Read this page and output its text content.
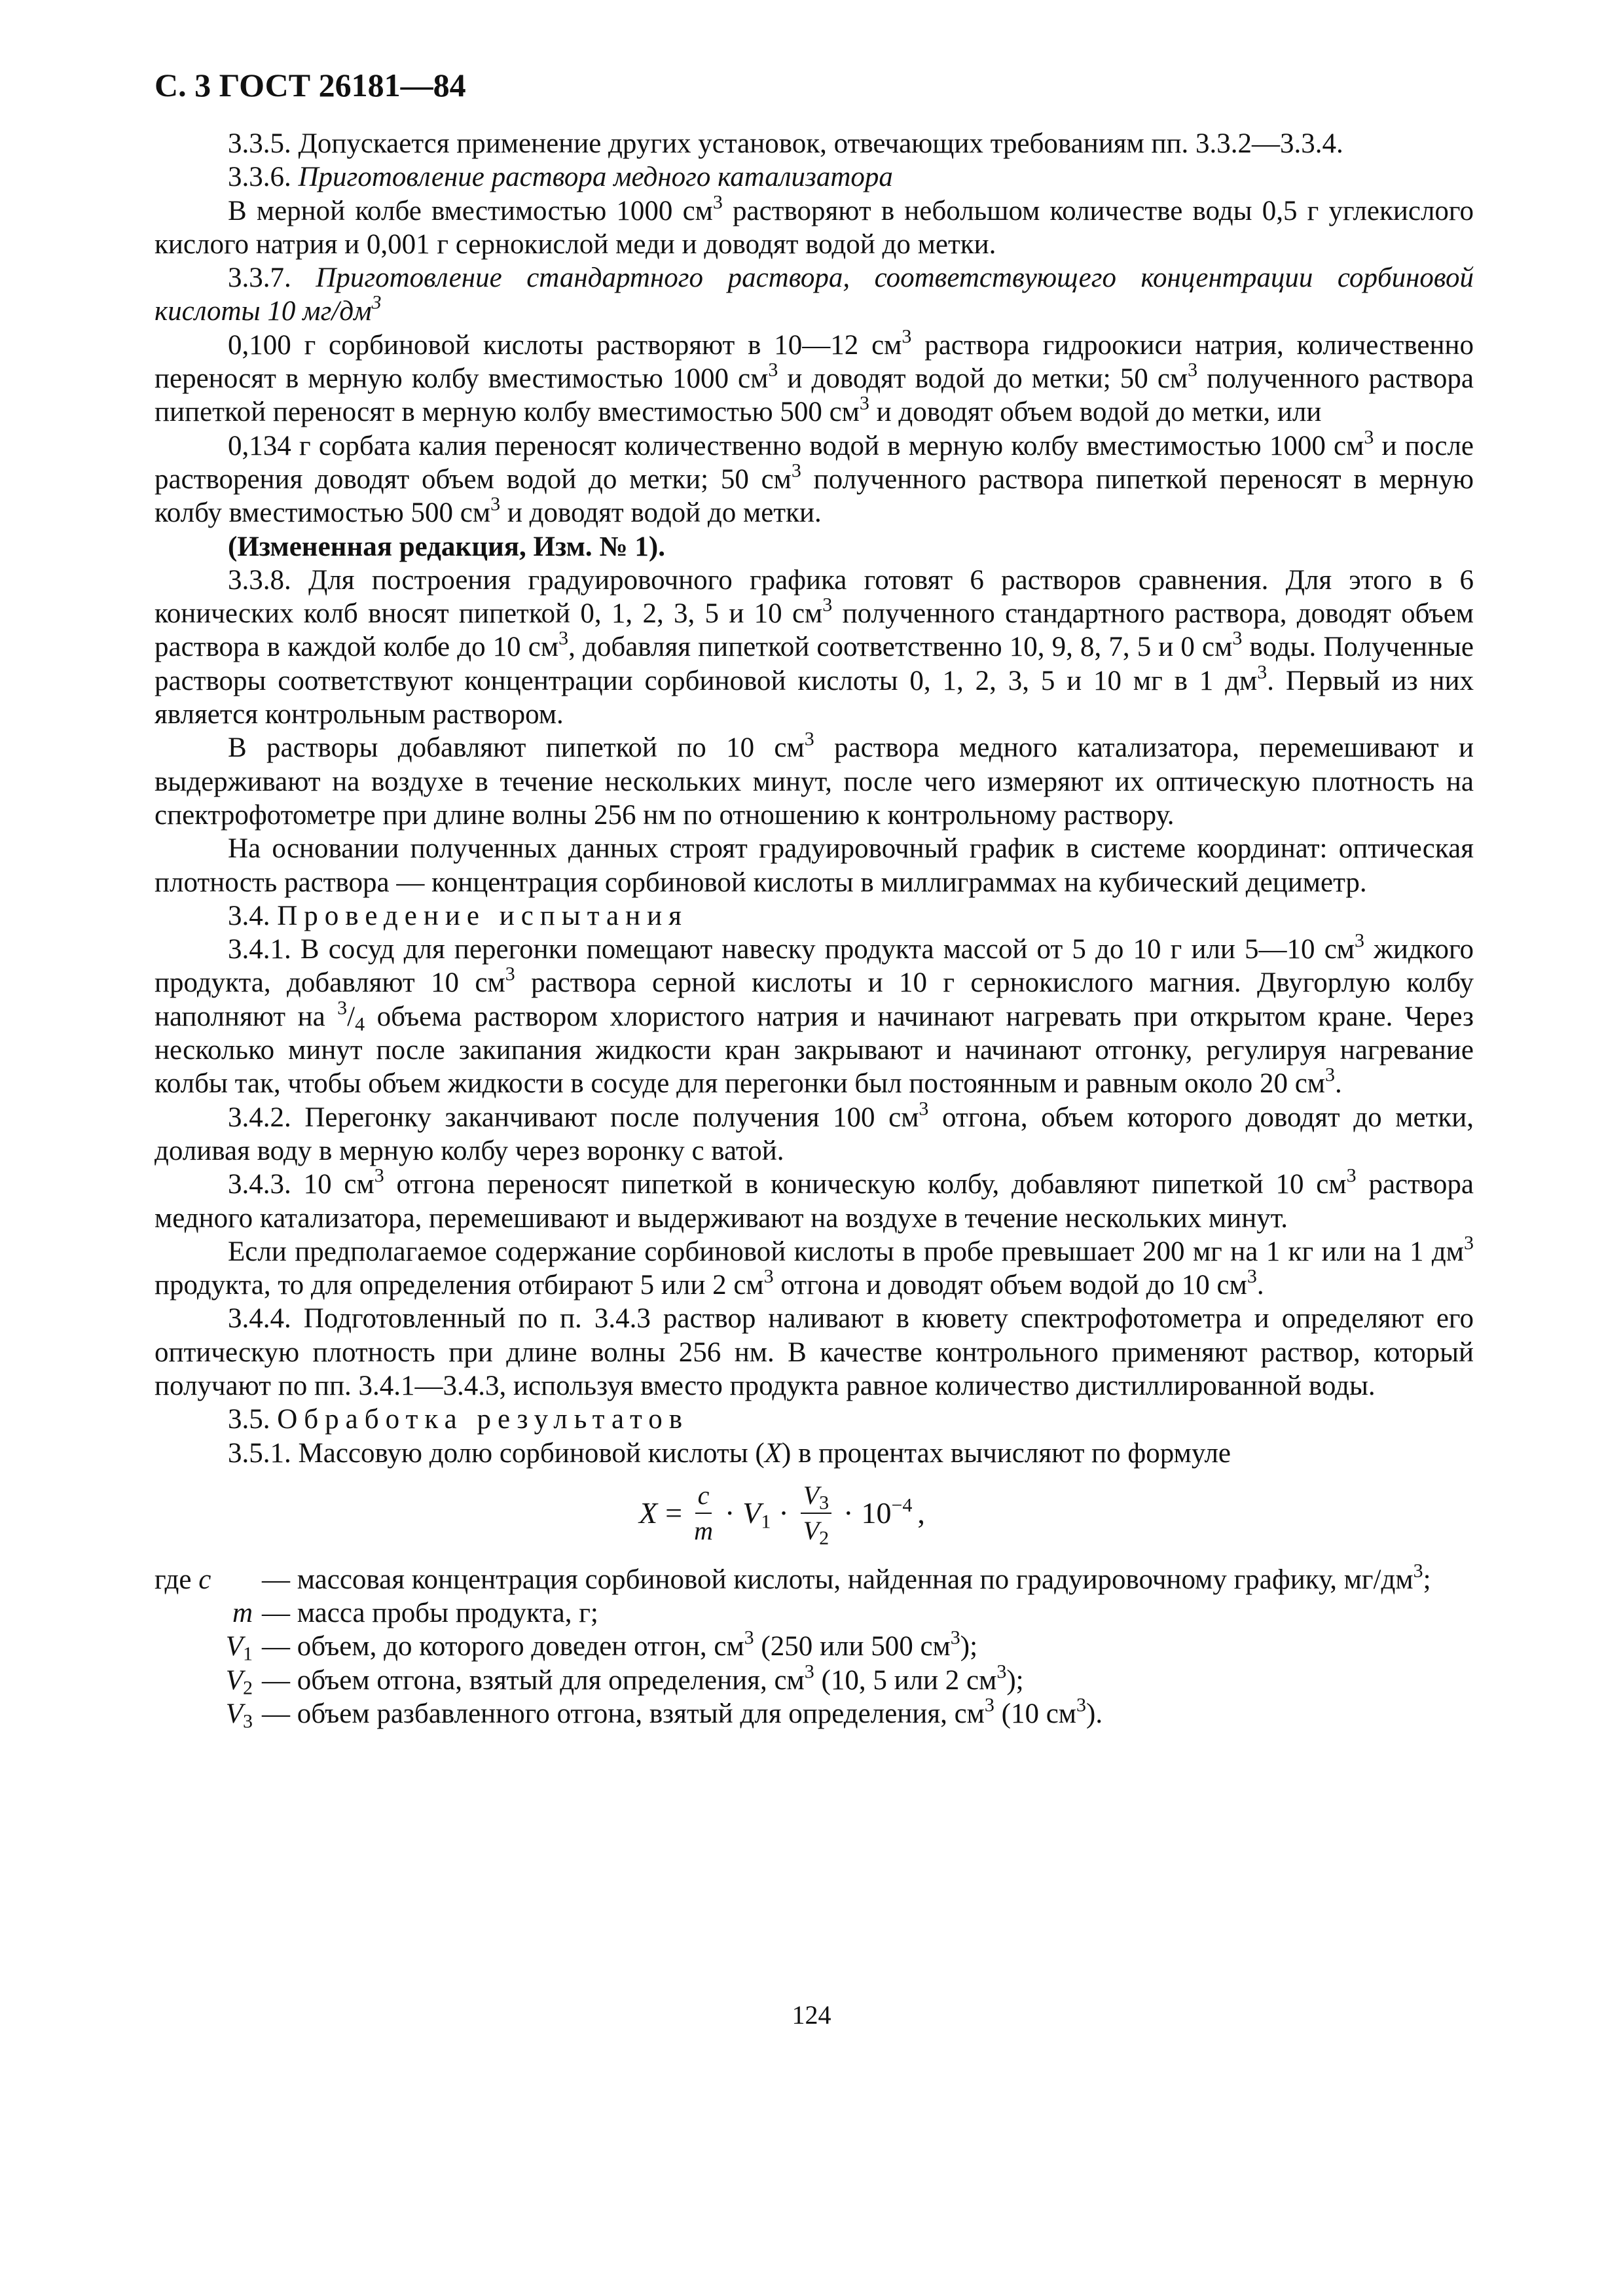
С. 3 ГОСТ 26181—84

3.3.5. Допускается применение других установок, отвечающих требованиям пп. 3.3.2—3.3.4.

3.3.6. Приготовление раствора медного катализатора

В мерной колбе вместимостью 1000 $см^3$ растворяют в небольшом количестве воды 0,5 г углекислого кислого натрия и 0,001 г сернокислой меди и доводят водой до метки.

3.3.7. Приготовление стандартного раствора, соответствующего концентрации сорбиновой кислоты 10 $мг/дм^3$

0,100 г сорбиновой кислоты растворяют в 10—12 $см^3$ раствора гидроокиси натрия, количественно переносят в мерную колбу вместимостью 1000 $см^3$ и доводят водой до метки; 50 $см^3$ полученного раствора пипеткой переносят в мерную колбу вместимостью 500 $см^3$ и доводят объем водой до метки, или

0,134 г сорбата калия переносят количественно водой в мерную колбу вместимостью 1000 $см^3$ и после растворения доводят объем водой до метки; 50 $см^3$ полученного раствора пипеткой переносят в мерную колбу вместимостью 500 $см^3$ и доводят водой до метки.

(Измененная редакция, Изм. № 1).

3.3.8. Для построения градуировочного графика готовят 6 растворов сравнения. Для этого в 6 конических колб вносят пипеткой 0, 1, 2, 3, 5 и 10 $см^3$ полученного стандартного раствора, доводят объем раствора в каждой колбе до 10 $см^3$, добавляя пипеткой соответственно 10, 9, 8, 7, 5 и 0 $см^3$ воды. Полученные растворы соответствуют концентрации сорбиновой кислоты 0, 1, 2, 3, 5 и 10 мг в 1 $дм^3$. Первый из них является контрольным раствором.

В растворы добавляют пипеткой по 10 $см^3$ раствора медного катализатора, перемешивают и выдерживают на воздухе в течение нескольких минут, после чего измеряют их оптическую плотность на спектрофотометре при длине волны 256 нм по отношению к контрольному раствору.

На основании полученных данных строят градуировочный график в системе координат: оптическая плотность раствора — концентрация сорбиновой кислоты в миллиграммах на кубический дециметр.

3.4. Проведение испытания

3.4.1. В сосуд для перегонки помещают навеску продукта массой от 5 до 10 г или 5—10 $см^3$ жидкого продукта, добавляют 10 $см^3$ раствора серной кислоты и 10 г сернокислого магния. Двугорлую колбу наполняют на $^3/_4$ объема раствором хлористого натрия и начинают нагревать при открытом кране. Через несколько минут после закипания жидкости кран закрывают и начинают отгонку, регулируя нагревание колбы так, чтобы объем жидкости в сосуде для перегонки был постоянным и равным около 20 $см^3$.

3.4.2. Перегонку заканчивают после получения 100 $см^3$ отгона, объем которого доводят до метки, доливая воду в мерную колбу через воронку с ватой.

3.4.3. 10 $см^3$ отгона переносят пипеткой в коническую колбу, добавляют пипеткой 10 $см^3$ раствора медного катализатора, перемешивают и выдерживают на воздухе в течение нескольких минут.

Если предполагаемое содержание сорбиновой кислоты в пробе превышает 200 мг на 1 кг или на 1 $дм^3$ продукта, то для определения отбирают 5 или 2 $см^3$ отгона и доводят объем водой до 10 $см^3$.

3.4.4. Подготовленный по п. 3.4.3 раствор наливают в кювету спектрофотометра и определяют его оптическую плотность при длине волны 256 нм. В качестве контрольного применяют раствор, который получают по пп. 3.4.1—3.4.3, используя вместо продукта равное количество дистиллированной воды.

3.5. Обработка результатов

3.5.1. Массовую долю сорбиновой кислоты (X) в процентах вычисляют по формуле

$X = \frac{c}{m} \cdot V_1 \cdot \frac{V_3}{V_2} \cdot 10^{-4}$ ,
где c	— массовая концентрация сорбиновой кислоты, найденная по градуировочному графику, $мг/дм^3$;
m — масса пробы продукта, г;
$V_1$ — объем, до которого доведен отгон, $см^3$ (250 или 500 $см^3$);
$V_2$ — объем отгона, взятый для определения, $см^3$ (10, 5 или 2 $см^3$);
$V_3$ — объем разбавленного отгона, взятый для определения, $см^3$ (10 $см^3$).
124
